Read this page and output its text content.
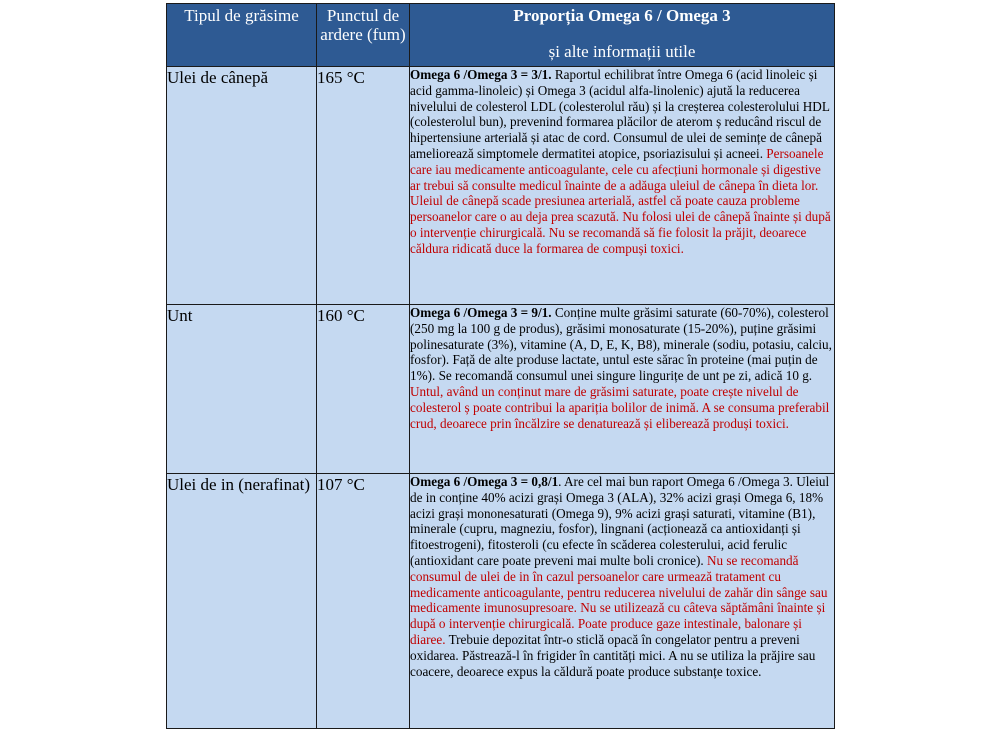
Tipul de grăsime	Punctul de ardere (fum)	Proporția Omega 6 / Omega 3
și alte informații utile

Ulei de cânepă	165 °C	Omega 6 /Omega 3 = 3/1. Raportul echilibrat între Omega 6 (acid linoleic și acid gamma-linoleic) și Omega 3 (acidul alfa-linolenic) ajută la reducerea nivelului de colesterol LDL (colesterolul rău) și la creșterea colesterolului HDL (colesterolul bun), prevenind formarea plăcilor de aterom ș reducând riscul de hipertensiune arterială și atac de cord. Consumul de ulei de semințe de cânepă ameliorează simptomele dermatitei atopice, psoriazisului și acneei. Persoanele care iau medicamente anticoagulante, cele cu afecțiuni hormonale și digestive ar trebui să consulte medicul înainte de a adăuga uleiul de cânepa în dieta lor. Uleiul de cânepă scade presiunea arterială, astfel că poate cauza probleme persoanelor care o au deja prea scazută. Nu folosi ulei de cânepă înainte și după o intervenție chirurgicală. Nu se recomandă să fie folosit la prăjit, deoarece căldura ridicată duce la formarea de compuși toxici.
Unt	160 °C	Omega 6 /Omega 3 = 9/1. Conține multe grăsimi saturate (60-70%), colesterol (250 mg la 100 g de produs), grăsimi monosaturate (15-20%), puține grăsimi polinesaturate (3%), vitamine (A, D, E, K, B8), minerale (sodiu, potasiu, calciu, fosfor). Față de alte produse lactate, untul este sărac în proteine (mai puțin de 1%). Se recomandă consumul unei singure lingurițe de unt pe zi, adică 10 g. Untul, având un conținut mare de grăsimi saturate, poate crește nivelul de colesterol ș poate contribui la apariția bolilor de inimă. A se consuma preferabil crud, deoarece prin încălzire se denaturează și eliberează produși toxici.
Ulei de in (nerafinat)	107 °C	Omega 6 /Omega 3 = 0,8/1. Are cel mai bun raport Omega 6 /Omega 3. Uleiul de in conține 40% acizi grași Omega 3 (ALA), 32% acizi grași Omega 6, 18% acizi grași mononesaturati (Omega 9), 9% acizi grași saturati, vitamine (B1), minerale (cupru, magneziu, fosfor), lingnani (acționează ca antioxidanți și fitoestrogeni), fitosteroli (cu efecte în scăderea colesterului, acid ferulic (antioxidant care poate preveni mai multe boli cronice). Nu se recomandă consumul de ulei de in în cazul persoanelor care urmează tratament cu medicamente anticoagulante, pentru reducerea nivelului de zahăr din sânge sau medicamente imunosupresoare. Nu se utilizează cu câteva săptămâni înainte și după o intervenție chirurgicală. Poate produce gaze intestinale, balonare și diaree. Trebuie depozitat într-o sticlă opacă în congelator pentru a preveni oxidarea. Păstrează-l în frigider în cantități mici. A nu se utiliza la prăjire sau coacere, deoarece expus la căldură poate produce substanțe toxice.
